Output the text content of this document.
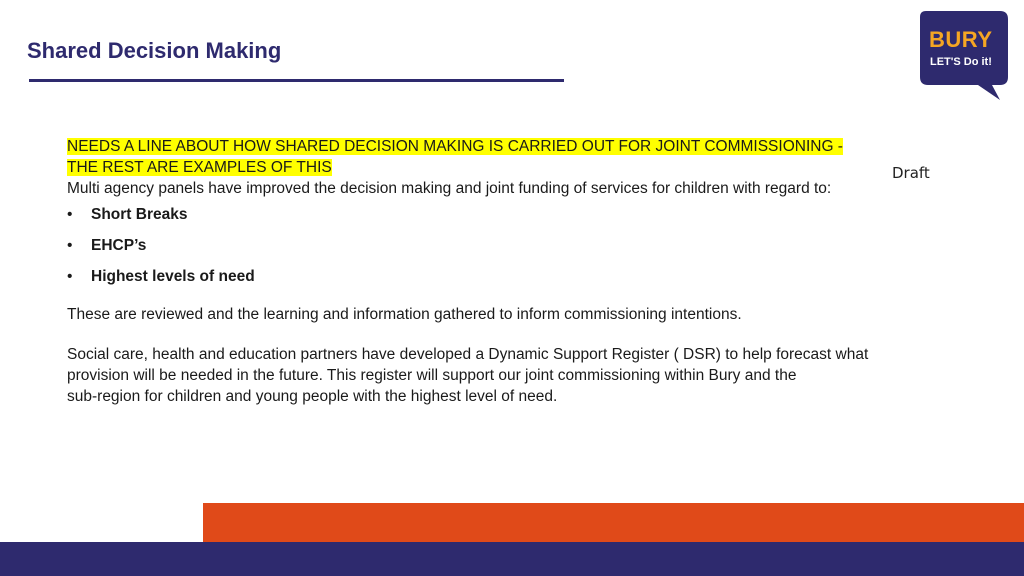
Shared Decision Making	BURY
LET'S Do it!
Draft
NEEDS A LINE ABOUT HOW SHARED DECISION MAKING IS CARRIED OUT FOR JOINT COMMISSIONING -
THE REST ARE EXAMPLES OF THIS
Multi agency panels have improved the decision making and joint funding of services for children with regard to:
• Short Breaks
• EHCP’s
• Highest levels of need

These are reviewed and the learning and information gathered to inform commissioning intentions.

Social care, health and education partners have developed a Dynamic Support Register ( DSR) to help forecast what
provision will be needed in the future. This register will support our joint commissioning within Bury and the
sub-region for children and young people with the highest level of need.
